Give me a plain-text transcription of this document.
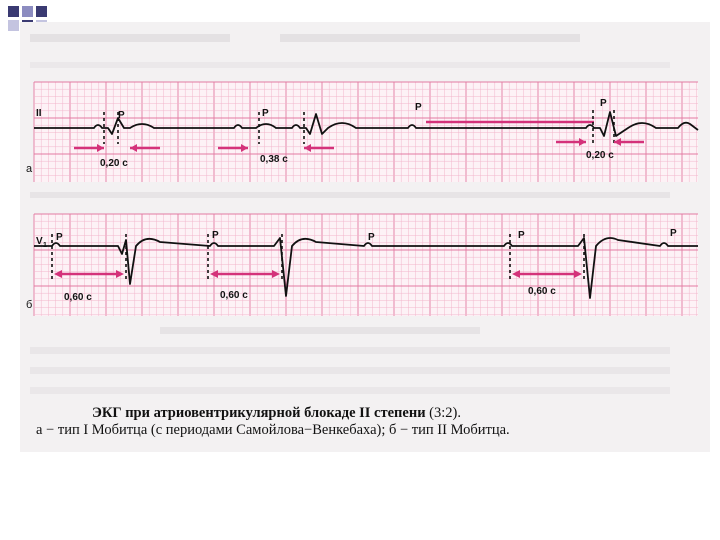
II
а
P	P
P	P
0,20 с	0,38 с	0,20 с
V 1
б
P	P	P	P	P
0,60 с	0,60 с	0,60 с
ЭКГ при атриовентрикулярной блокаде II степени (3:2).
а − тип I Мобитца (с периодами Самойлова−Венкебаха); б − тип II Мобитца.
